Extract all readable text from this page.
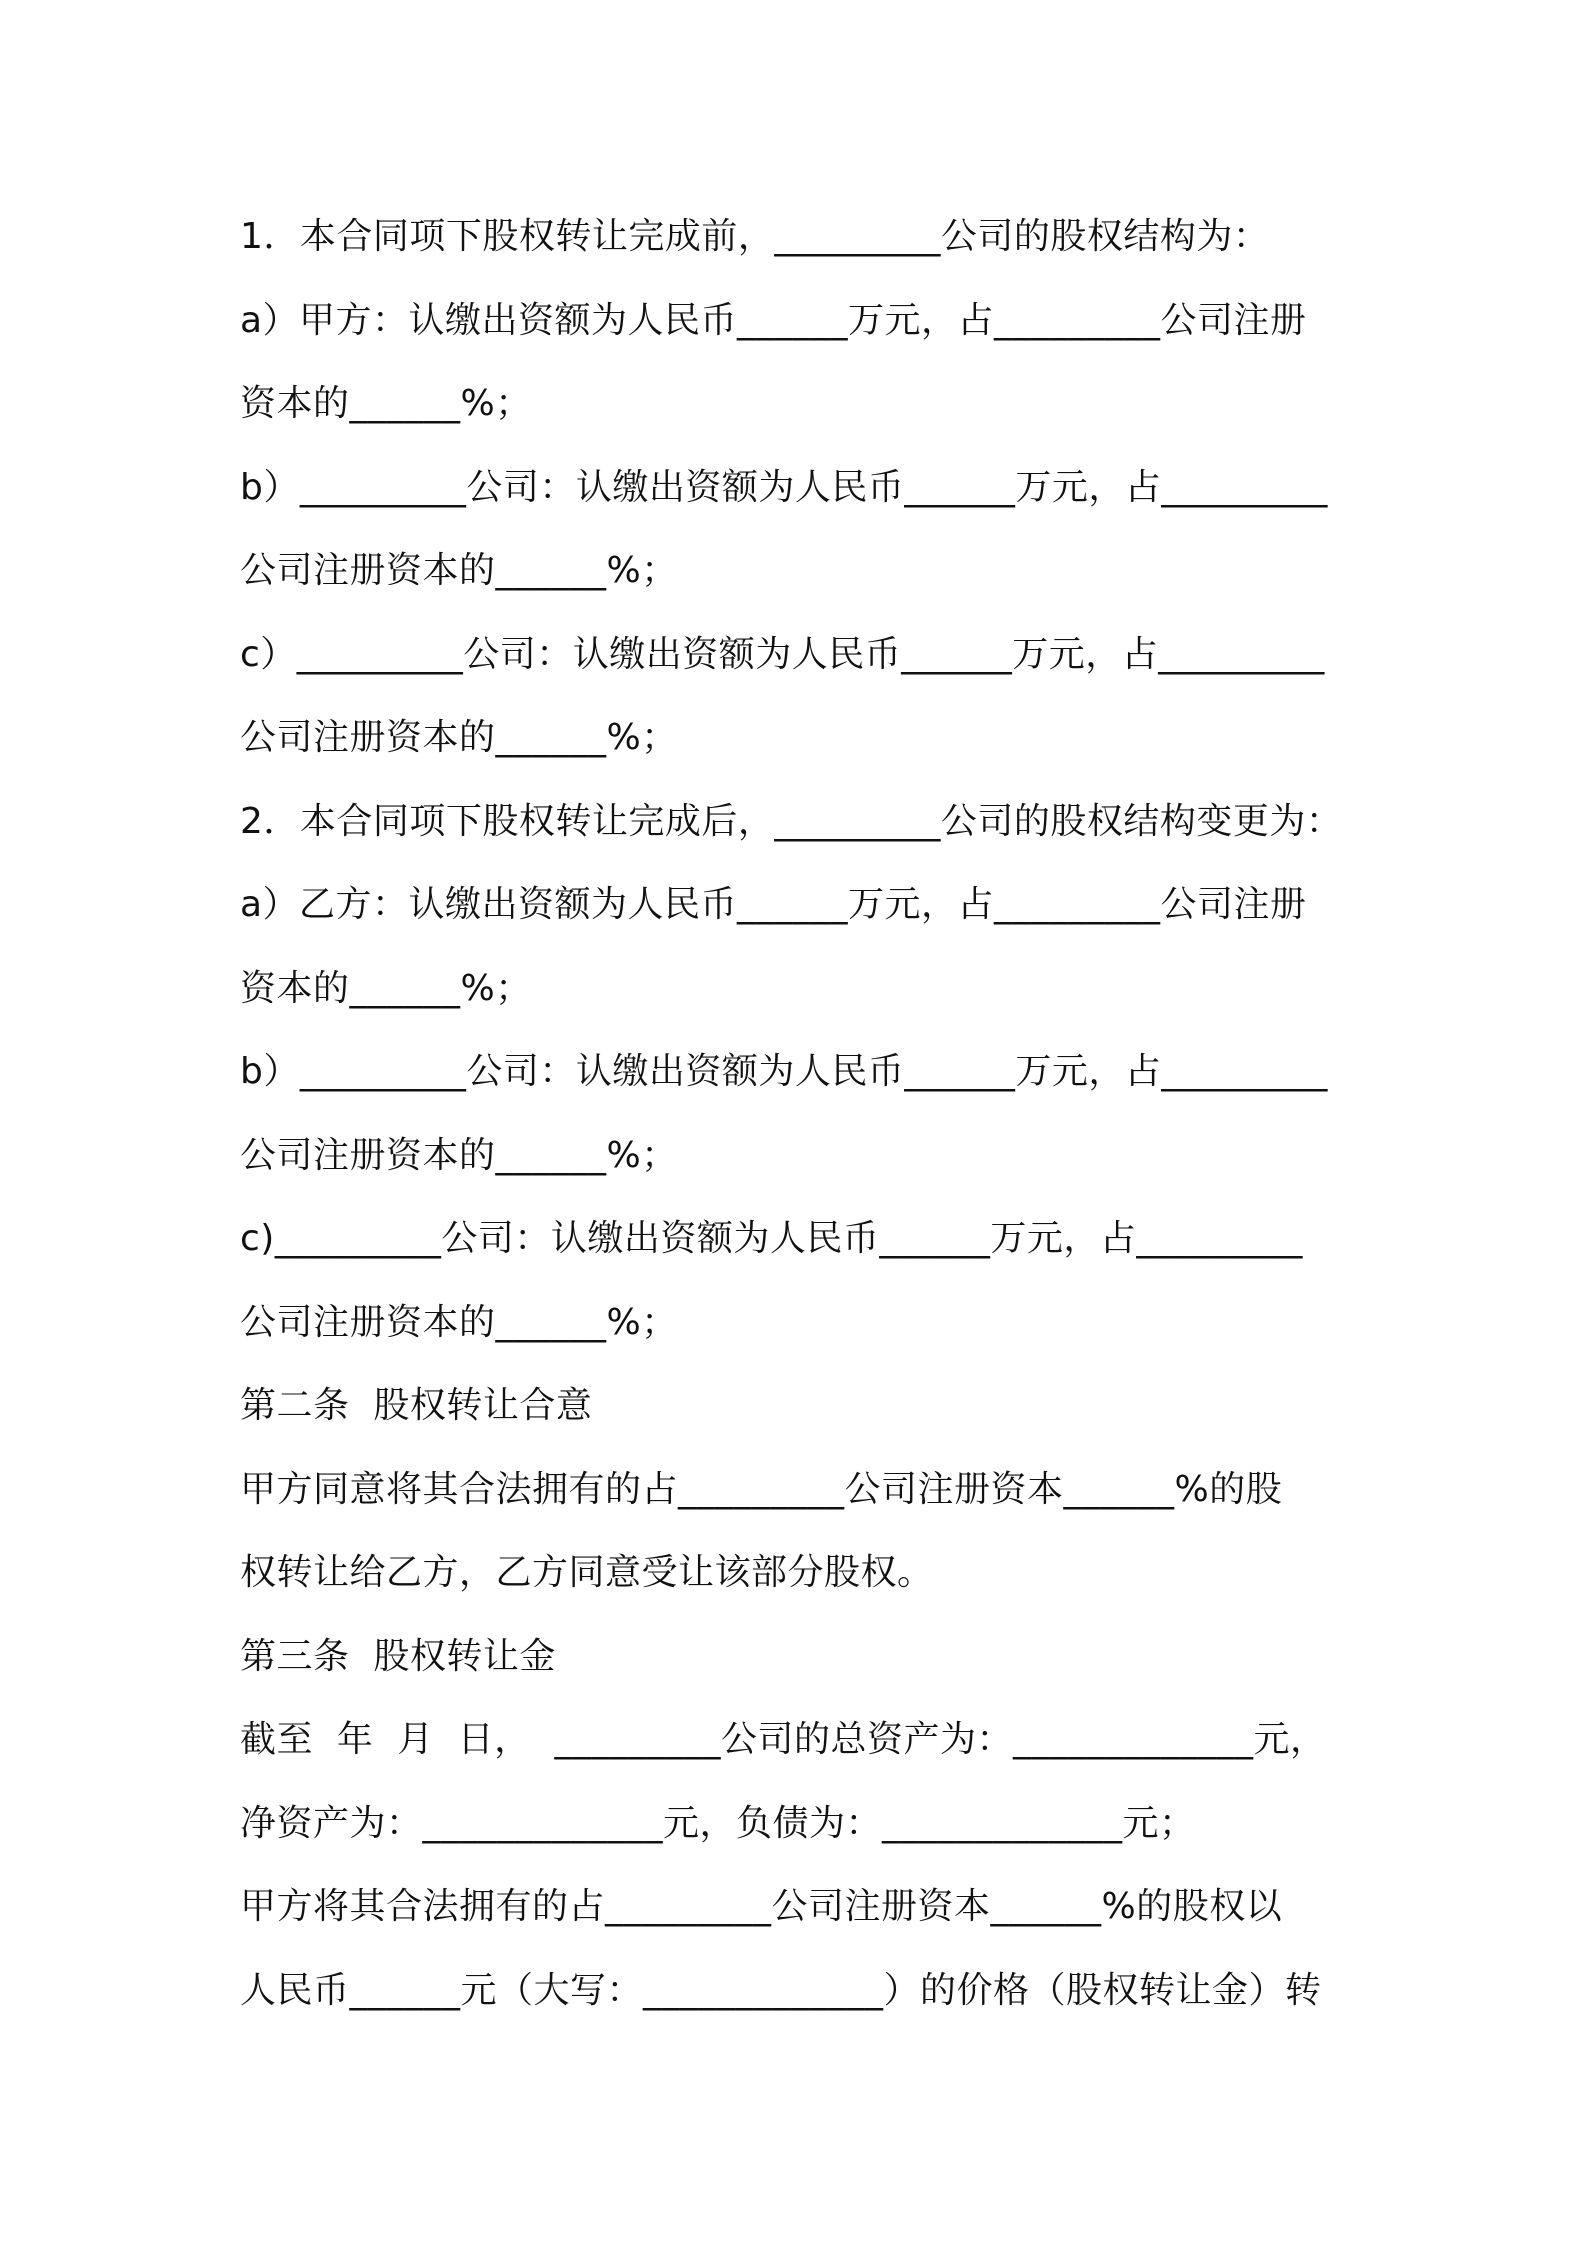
1．本合同项下股权转让完成前，_________公司的股权结构为：
a）甲方：认缴出资额为人民币______万元，占_________公司注册
资本的______%；
b）_________公司：认缴出资额为人民币______万元，占_________
公司注册资本的______%；
c）_________公司：认缴出资额为人民币______万元，占_________
公司注册资本的______%；
2．本合同项下股权转让完成后，_________公司的股权结构变更为：
a）乙方：认缴出资额为人民币______万元，占_________公司注册
资本的______%；
b）_________公司：认缴出资额为人民币______万元，占_________
公司注册资本的______%；
c)_________公司：认缴出资额为人民币______万元，占_________
公司注册资本的______%；
第二条  股权转让合意
甲方同意将其合法拥有的占_________公司注册资本______%的股
权转让给乙方，乙方同意受让该部分股权。
第三条  股权转让金
截至  年  月  日，  _________公司的总资产为：_____________元，
净资产为：_____________元，负债为：_____________元；
甲方将其合法拥有的占_________公司注册资本______%的股权以
人民币______元（大写：_____________）的价格（股权转让金）转
